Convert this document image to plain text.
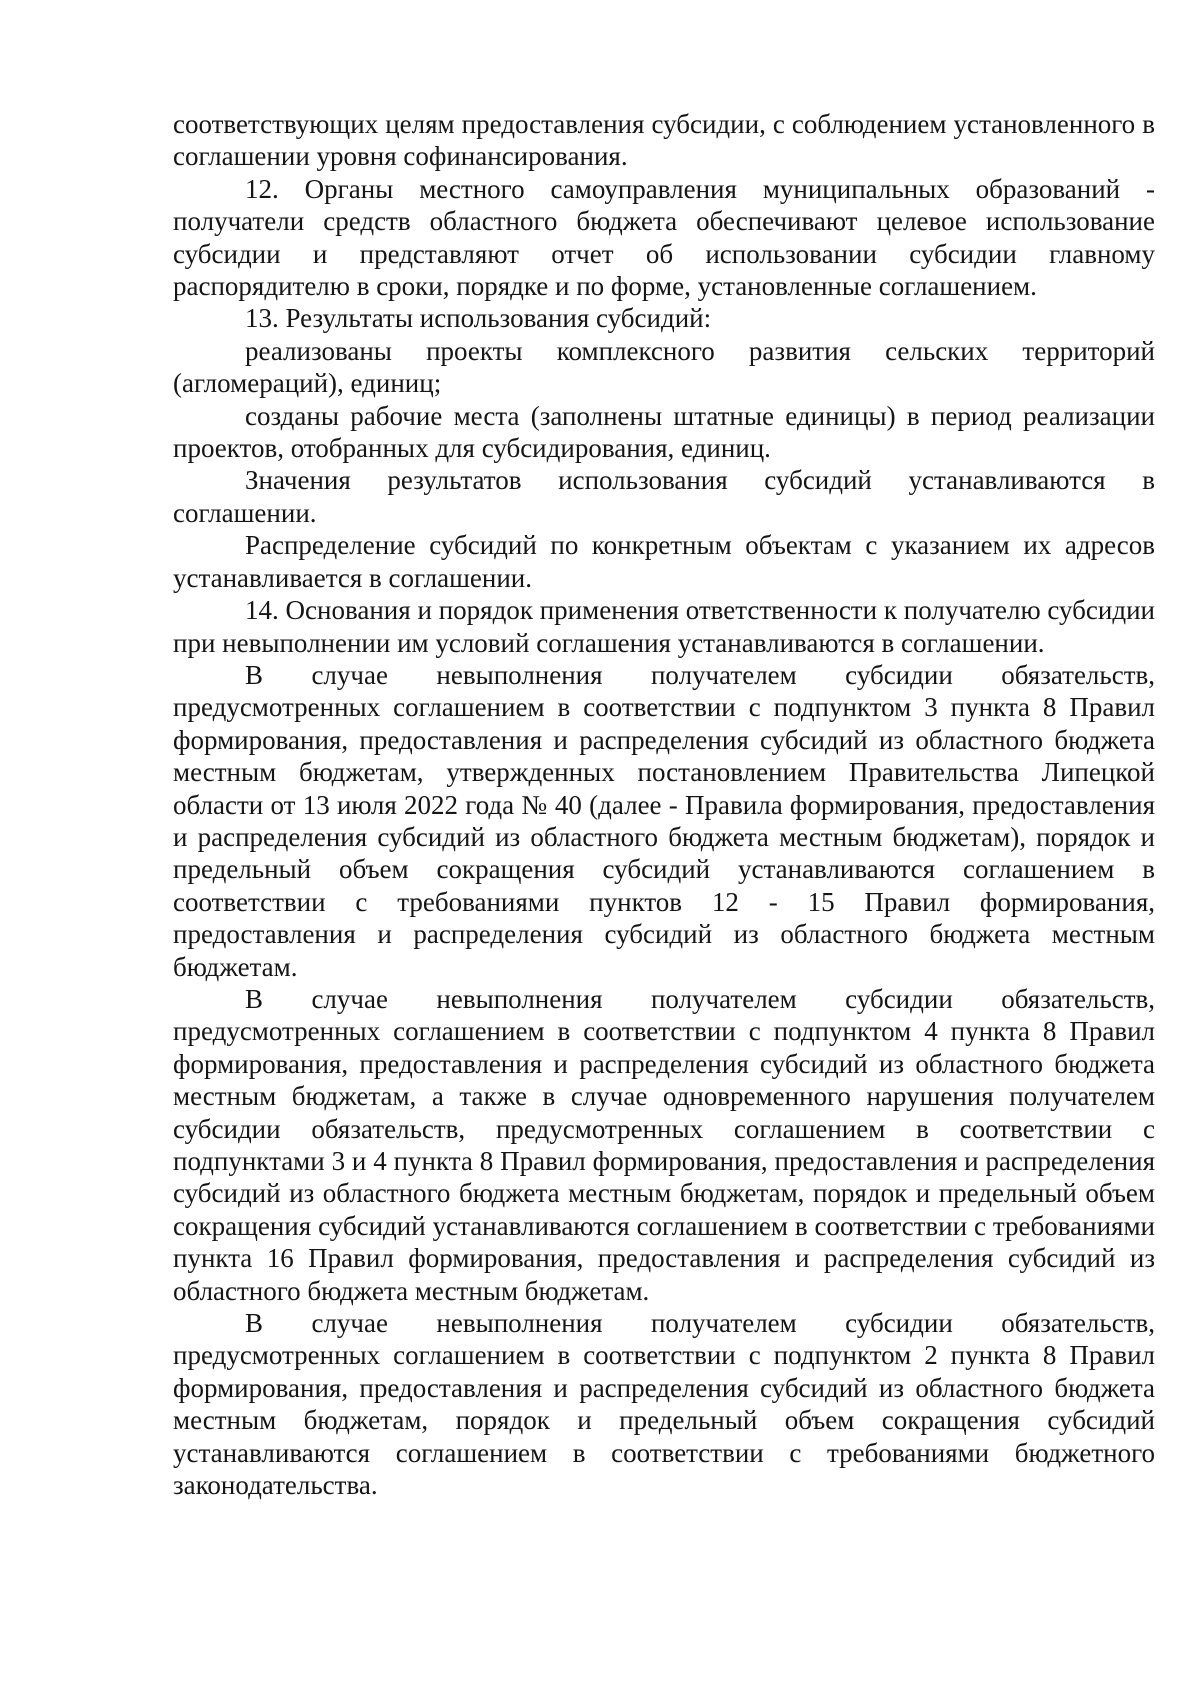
соответствующих целям предоставления субсидии, с соблюдением установленного в соглашении уровня софинансирования.

12. Органы местного самоуправления муниципальных образований - получатели средств областного бюджета обеспечивают целевое использование субсидии и представляют отчет об использовании субсидии главному распорядителю в сроки, порядке и по форме, установленные соглашением.

13. Результаты использования субсидий:

реализованы проекты комплексного развития сельских территорий (агломераций), единиц;

созданы рабочие места (заполнены штатные единицы) в период реализации проектов, отобранных для субсидирования, единиц.

Значения результатов использования субсидий устанавливаются в соглашении.

Распределение субсидий по конкретным объектам с указанием их адресов устанавливается в соглашении.

14. Основания и порядок применения ответственности к получателю субсидии при невыполнении им условий соглашения устанавливаются в соглашении.

В случае невыполнения получателем субсидии обязательств, предусмотренных соглашением в соответствии с подпунктом 3 пункта 8 Правил формирования, предоставления и распределения субсидий из областного бюджета местным бюджетам, утвержденных постановлением Правительства Липецкой области от 13 июля 2022 года № 40 (далее - Правила формирования, предоставления и распределения субсидий из областного бюджета местным бюджетам), порядок и предельный объем сокращения субсидий устанавливаются соглашением в соответствии с требованиями пунктов 12 - 15 Правил формирования, предоставления и распределения субсидий из областного бюджета местным бюджетам.

В случае невыполнения получателем субсидии обязательств, предусмотренных соглашением в соответствии с подпунктом 4 пункта 8 Правил формирования, предоставления и распределения субсидий из областного бюджета местным бюджетам, а также в случае одновременного нарушения получателем субсидии обязательств, предусмотренных соглашением в соответствии с подпунктами 3 и 4 пункта 8 Правил формирования, предоставления и распределения субсидий из областного бюджета местным бюджетам, порядок и предельный объем сокращения субсидий устанавливаются соглашением в соответствии с требованиями пункта 16 Правил формирования, предоставления и распределения субсидий из областного бюджета местным бюджетам.

В случае невыполнения получателем субсидии обязательств, предусмотренных соглашением в соответствии с подпунктом 2 пункта 8 Правил формирования, предоставления и распределения субсидий из областного бюджета местным бюджетам, порядок и предельный объем сокращения субсидий устанавливаются соглашением в соответствии с требованиями бюджетного законодательства.
